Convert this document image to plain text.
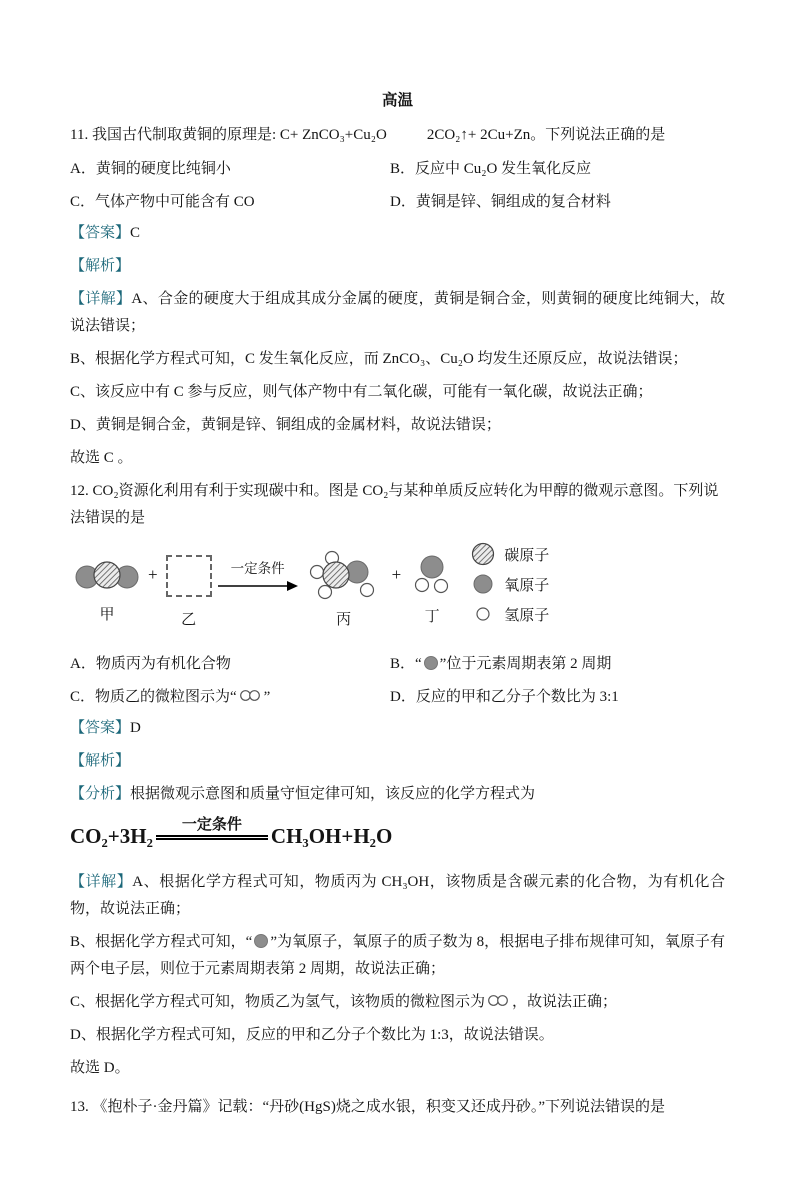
高温

11. 我国古代制取黄铜的原理是: C+ ZnCO₃+Cu₂O	2CO₂↑+ 2Cu+Zn。下列说法正确的是

A．黄铜的硬度比纯铜小	B．反应中 Cu₂O 发生氧化反应
C．气体产物中可能含有 CO	D．黄铜是锌、铜组成的复合材料

【答案】C

【解析】

【详解】A、合金的硬度大于组成其成分金属的硬度，黄铜是铜合金，则黄铜的硬度比纯铜大，故说法错误；

B、根据化学方程式可知，C 发生氧化反应，而 ZnCO₃、Cu₂O 均发生还原反应，故说法错误；

C、该反应中有 C 参与反应，则气体产物中有二氧化碳，可能有一氧化碳，故说法正确；

D、黄铜是铜合金，黄铜是锌、铜组成的金属材料，故说法错误；

故选 C 。

12. CO₂资源化利用有利于实现碳中和。图是 CO₂与某种单质反应转化为甲醇的微观示意图。下列说法错误的是

甲
+
乙
一定条件
丙
+
丁
碳原子
氧原子
氢原子
A．物质丙为有机化合物	B．“ ”位于元素周期表第 2 周期
C．物质乙的微粒图示为“ ”	D．反应的甲和乙分子个数比为 3:1

【答案】D

【解析】

【分析】根据微观示意图和质量守恒定律可知，该反应的化学方程式为

CO₂+3H₂ 一定条件 CH₃OH+H₂O

【详解】A、根据化学方程式可知，物质丙为 CH₃OH，该物质是含碳元素的化合物，为有机化合物，故说法正确；

B、根据化学方程式可知，“ ”为氧原子，氧原子的质子数为 8，根据电子排布规律可知，氧原子有两个电子层，则位于元素周期表第 2 周期，故说法正确；

C、根据化学方程式可知，物质乙为氢气，该物质的微粒图示为 ，故说法正确；

D、根据化学方程式可知，反应的甲和乙分子个数比为 1:3，故说法错误。

故选 D。

13. 《抱朴子·金丹篇》记载：“丹砂(HgS)烧之成水银，积变又还成丹砂。”下列说法错误的是
